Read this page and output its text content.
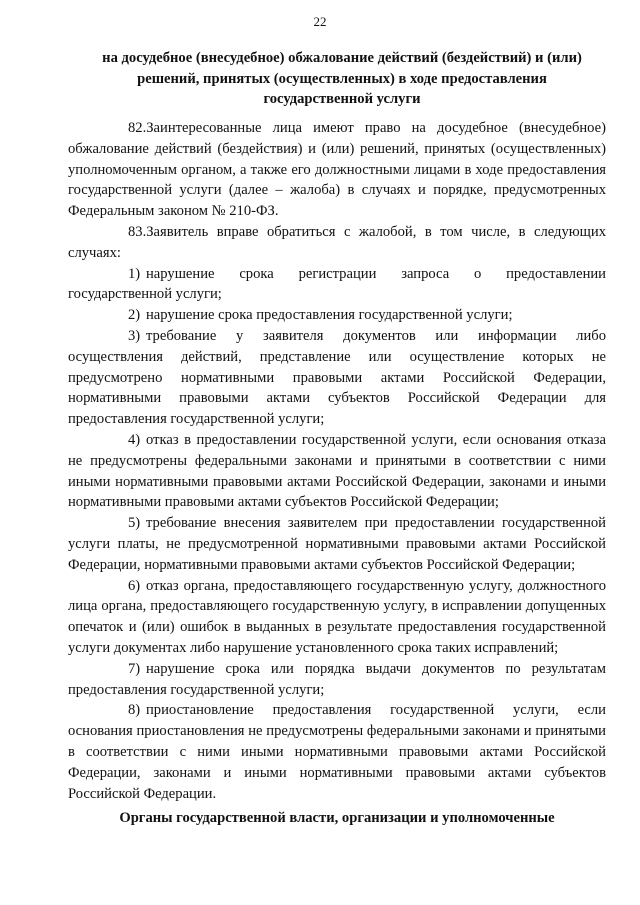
22

на досудебное (внесудебное) обжалование действий (бездействий) и (или) решений, принятых (осуществленных) в ходе предоставления государственной услуги

82.Заинтересованные лица имеют право на досудебное (внесудебное) обжалование действий (бездействия) и (или) решений, принятых (осуществленных) уполномоченным органом, а также его должностными лицами в ходе предоставления государственной услуги (далее – жалоба) в случаях и порядке, предусмотренных Федеральным законом № 210-ФЗ.

83.Заявитель вправе обратиться с жалобой, в том числе, в следующих случаях:

1) нарушение срока регистрации запроса о предоставлении государственной услуги;

2) нарушение срока предоставления государственной услуги;

3) требование у заявителя документов или информации либо осуществления действий, представление или осуществление которых не предусмотрено нормативными правовыми актами Российской Федерации, нормативными правовыми актами субъектов Российской Федерации для предоставления государственной услуги;

4) отказ в предоставлении государственной услуги, если основания отказа не предусмотрены федеральными законами и принятыми в соответствии с ними иными нормативными правовыми актами Российской Федерации, законами и иными нормативными правовыми актами субъектов Российской Федерации;

5) требование внесения заявителем при предоставлении государственной услуги платы, не предусмотренной нормативными правовыми актами Российской Федерации, нормативными правовыми актами субъектов Российской Федерации;

6) отказ органа, предоставляющего государственную услугу, должностного лица органа, предоставляющего государственную услугу, в исправлении допущенных опечаток и (или) ошибок в выданных в результате предоставления государственной услуги документах либо нарушение установленного срока таких исправлений;

7) нарушение срока или порядка выдачи документов по результатам предоставления государственной услуги;

8) приостановление предоставления государственной услуги, если основания приостановления не предусмотрены федеральными законами и принятыми в соответствии с ними иными нормативными правовыми актами Российской Федерации, законами и иными нормативными правовыми актами субъектов Российской Федерации.

Органы государственной власти, организации и уполномоченные
